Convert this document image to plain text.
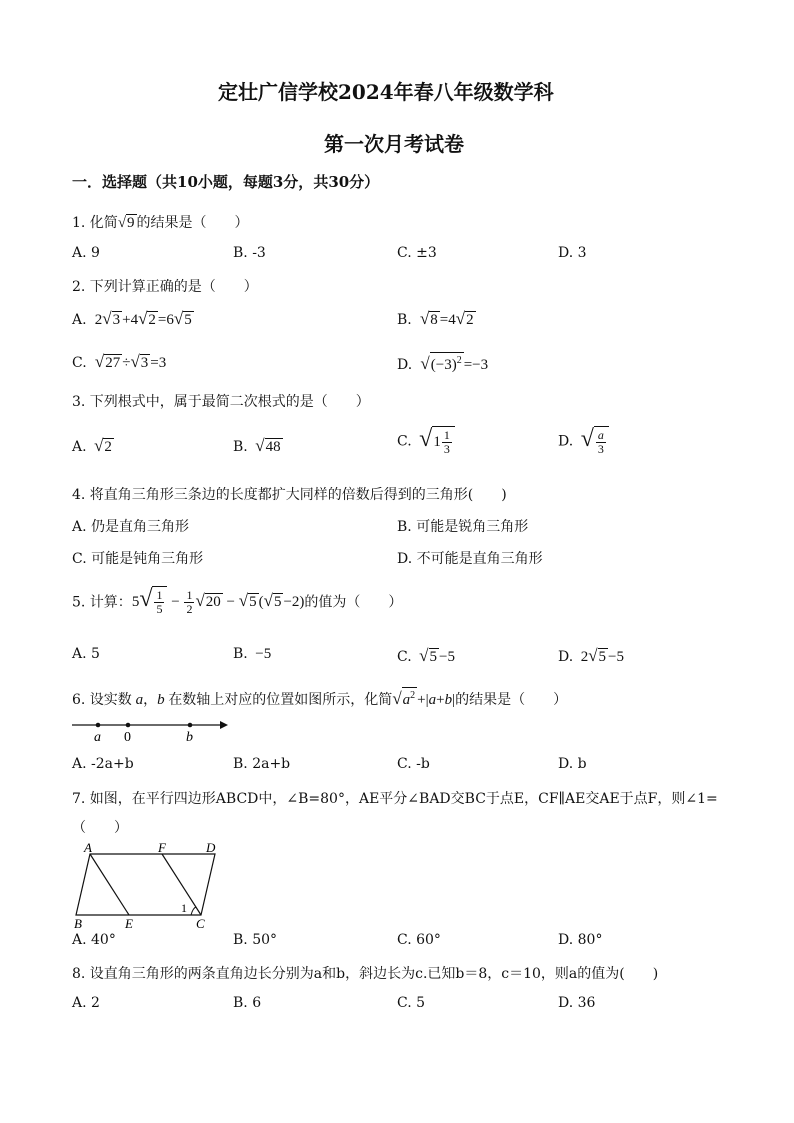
定壮广信学校2024年春八年级数学科
第一次月考试卷
一．选择题（共10小题，每题3分，共30分）
1. 化简√9 的结果是（　　）
A. 9	B. -3	C. ±3	D. 3
2. 下列计算正确的是（　　）
A.  2√3 +4√2 =6√5	B. √8 =4√2
C. √27 ÷√3 =3	D. $√(-3)^2 =-3$
3. 下列根式中，属于最简二次根式的是（　　）
A. √2	B. √48	C. $√1 \frac{1}{3}$	D. √ $\frac{a}{3}$
4. 将直角三角形三条边的长度都扩大同样的倍数后得到的三角形(　　)
A. 仍是直角三角形	B. 可能是锐角三角形
C. 可能是钝角三角形	D. 不可能是直角三角形
5. 计算：$5√ \frac{1}{5} - \frac{1}{2} √20 - √5$ (√5 −2)的值为（　　）
A. 5	B.  −5	C. √5 −5	D.  2√5 −5
6. 设实数 a，b 在数轴上对应的位置如图所示，化简$√a^2 +|a+b|$的结果是（　　）
a 0	b
A. -2a+b	B. 2a+b	C. -b	D. b
7. 如图，在平行四边形ABCD中，∠B=80°，AE平分∠BAD交BC于点E，CF∥AE交AE于点F，则∠1=
（　　）
A	F	D
B	E	C
1
A. 40°	B. 50°	C. 60°	D. 80°
8. 设直角三角形的两条直角边长分别为a和b，斜边长为c.已知b＝8，c＝10，则a的值为(　　)
A. 2	B. 6	C. 5	D. 36
